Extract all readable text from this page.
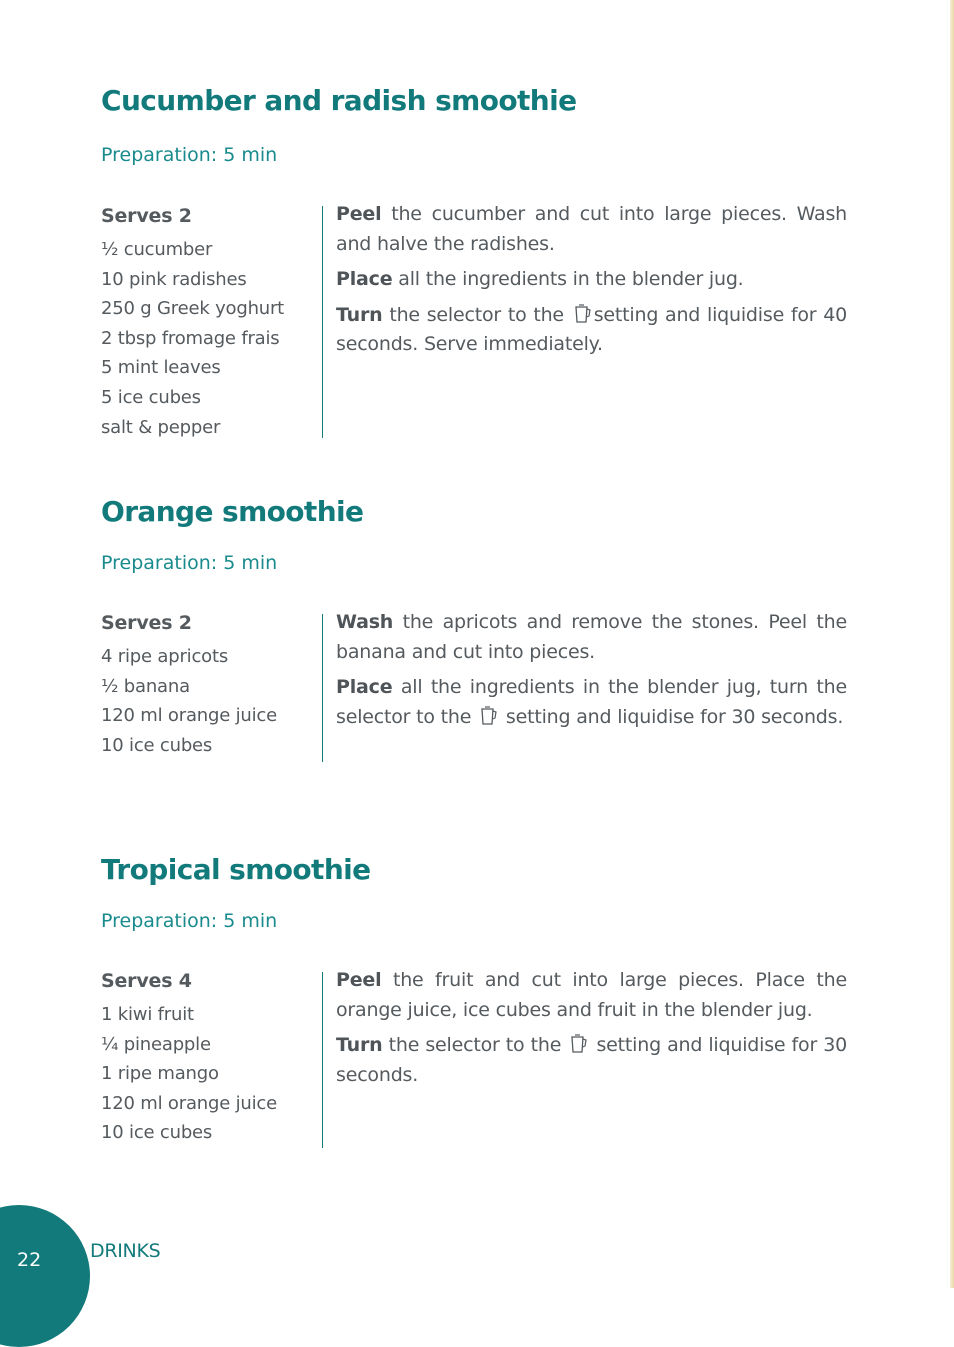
Cucumber and radish smoothie
Preparation: 5 min
Serves 2
½ cucumber
10 pink radishes
250 g Greek yoghurt
2 tbsp fromage frais
5 mint leaves
5 ice cubes
salt & pepper

Peel the cucumber and cut into large pieces. Wash and halve the radishes.

Place all the ingredients in the blender jug.

Turn the selector to the
setting and liquidise for 40 seconds. Serve immediately.

Orange smoothie
Preparation: 5 min
Serves 2
4 ripe apricots
½ banana
120 ml orange juice
10 ice cubes

Wash the apricots and remove the stones. Peel the banana and cut into pieces.

Place all the ingredients in the blender jug, turn the selector to the
setting and liquidise for 30 seconds.

Tropical smoothie
Preparation: 5 min
Serves 4
1 kiwi fruit
¼ pineapple
1 ripe mango
120 ml orange juice
10 ice cubes

Peel the fruit and cut into large pieces. Place the orange juice, ice cubes and fruit in the blender jug.

Turn the selector to the
setting and liquidise for 30 seconds.

22	DRINKS
